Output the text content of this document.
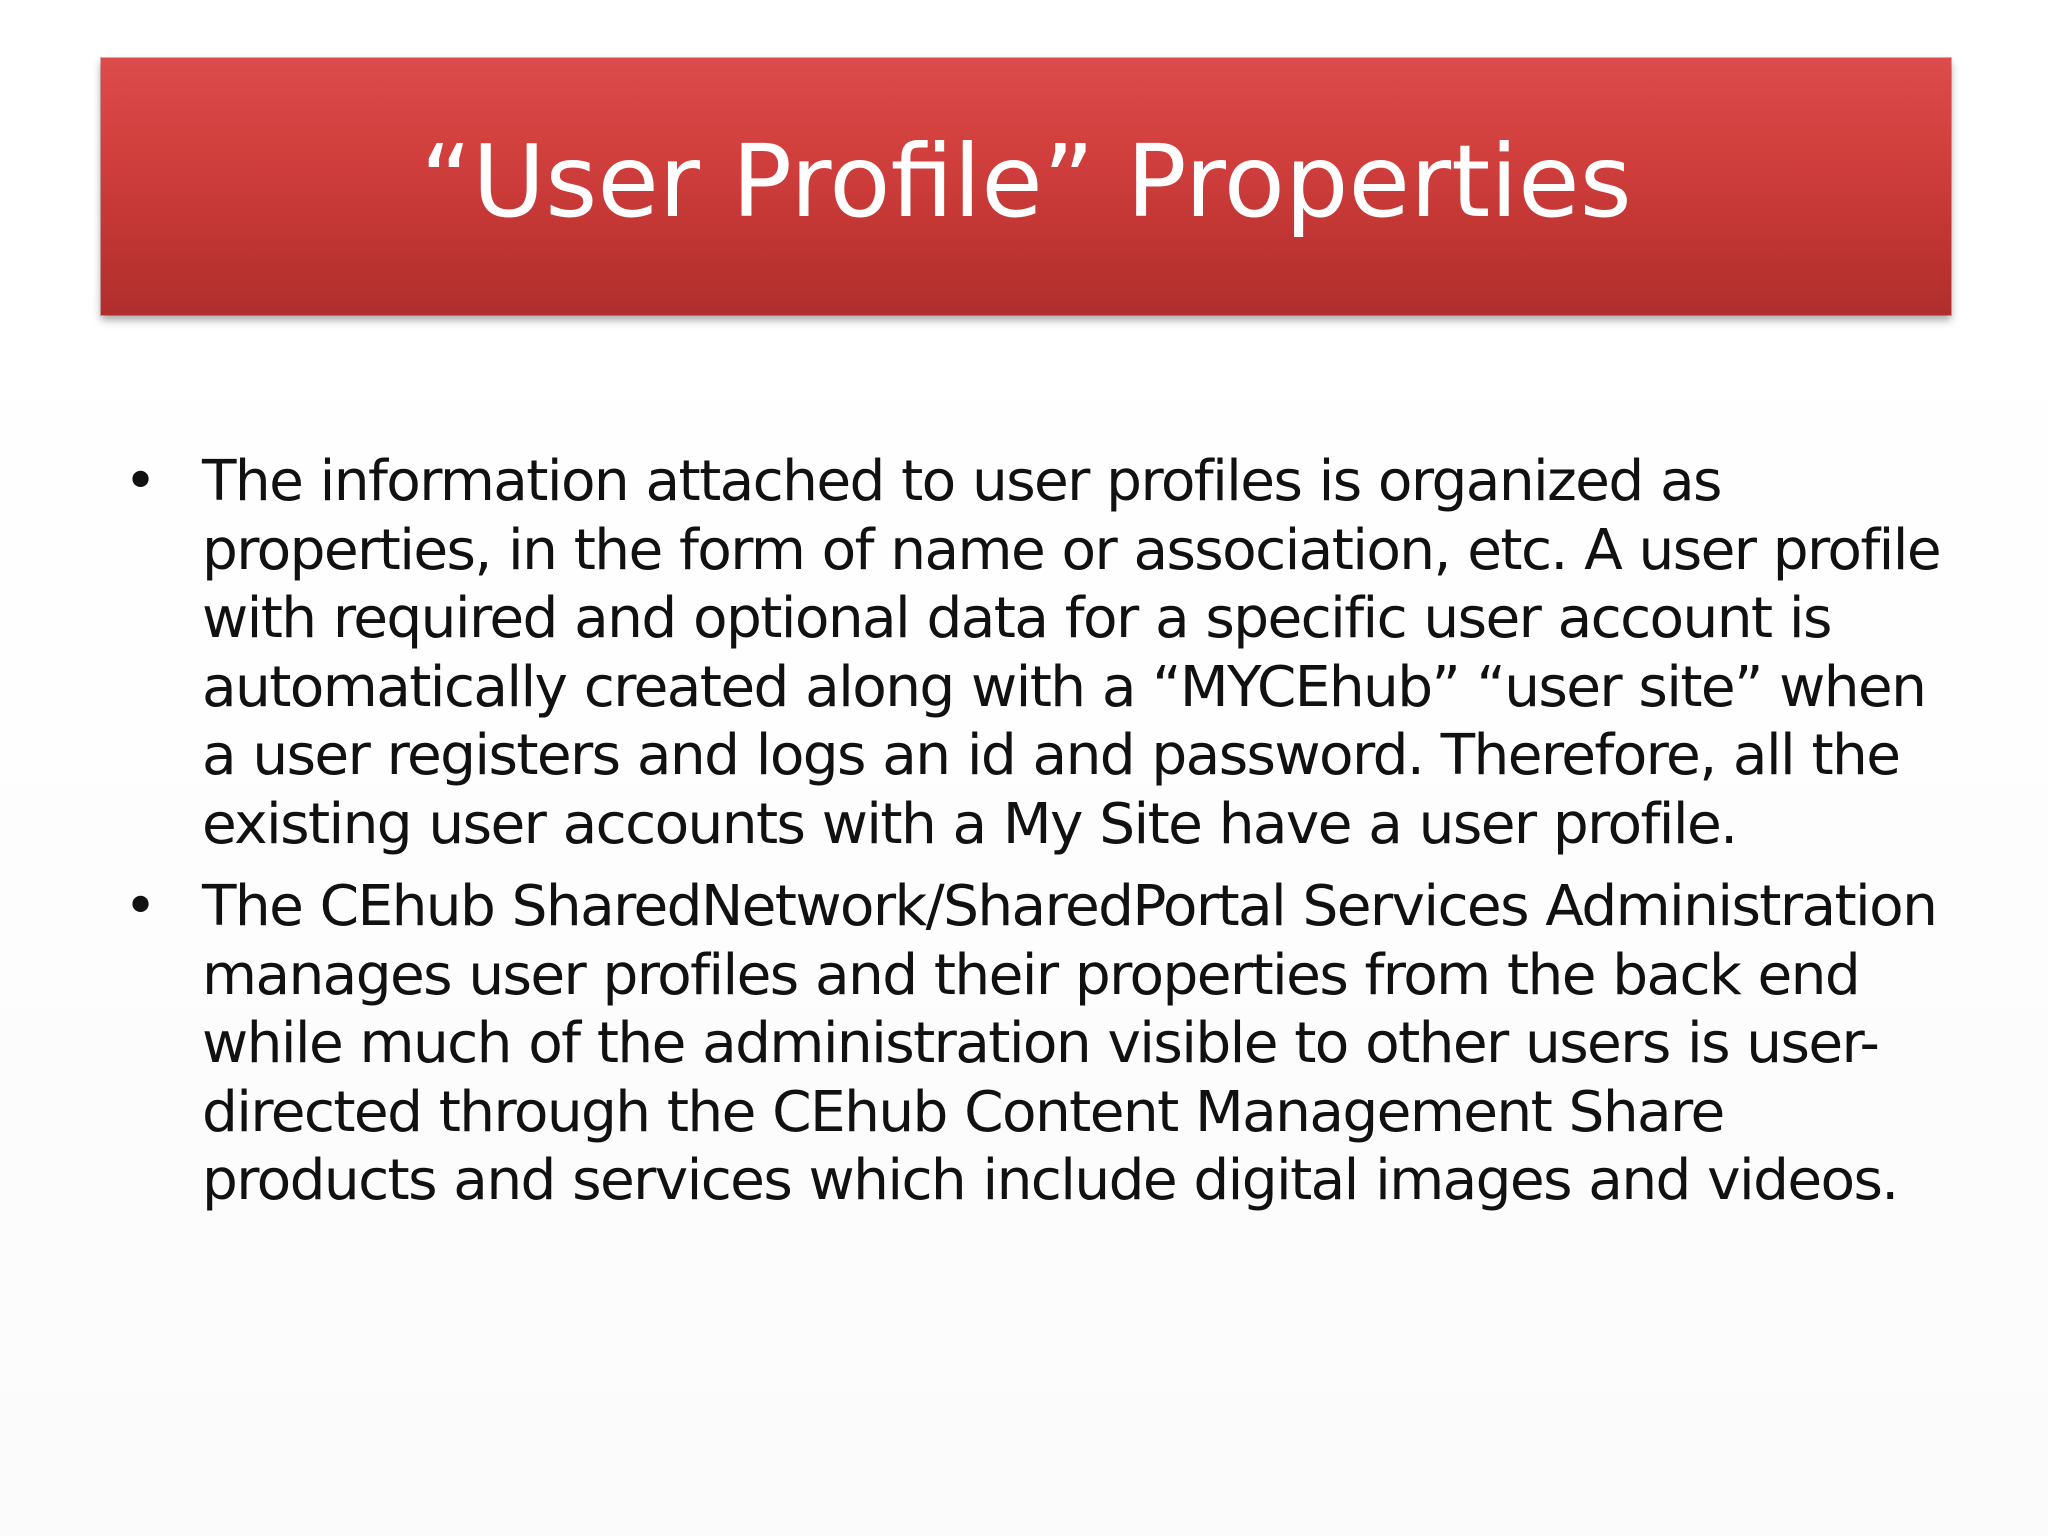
“User Profile” Properties
• The information attached to user profiles is organized as properties, in the form of name or association, etc. A user profile with required and optional data for a specific user account is automatically created along with a “MYCEhub” “user site” when a user registers and logs an id and password. Therefore, all the existing user accounts with a My Site have a user profile.
• The CEhub SharedNetwork/SharedPortal Services Administration manages user profiles and their properties from the back end while much of the administration visible to other users is user-directed through the CEhub Content Management Share products and services which include digital images and videos.
